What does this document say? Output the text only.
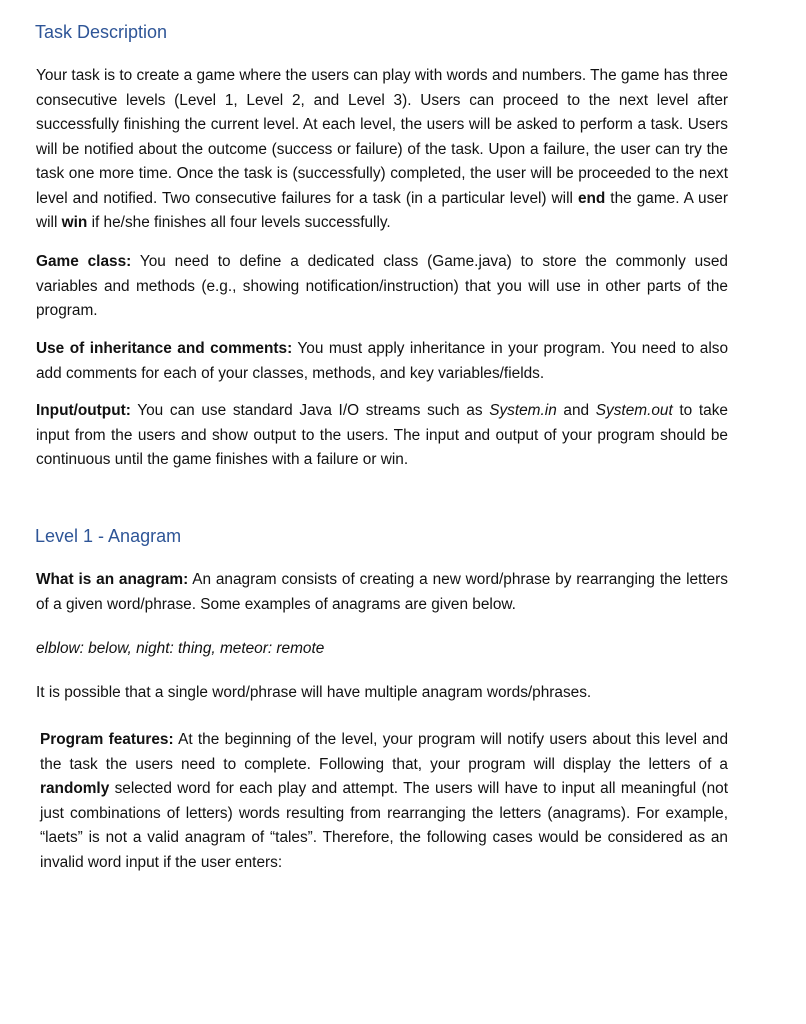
Task Description

Your task is to create a game where the users can play with words and numbers. The game has three consecutive levels (Level 1, Level 2, and Level 3). Users can proceed to the next level after successfully finishing the current level. At each level, the users will be asked to perform a task. Users will be notified about the outcome (success or failure) of the task. Upon a failure, the user can try the task one more time. Once the task is (successfully) completed, the user will be proceeded to the next level and notified. Two consecutive failures for a task (in a particular level) will end the game. A user will win if he/she finishes all four levels successfully.

Game class: You need to define a dedicated class (Game.java) to store the commonly used variables and methods (e.g., showing notification/instruction) that you will use in other parts of the program.

Use of inheritance and comments: You must apply inheritance in your program. You need to also add comments for each of your classes, methods, and key variables/fields.

Input/output: You can use standard Java I/O streams such as System.in and System.out to take input from the users and show output to the users. The input and output of your program should be continuous until the game finishes with a failure or win.

Level 1 - Anagram

What is an anagram: An anagram consists of creating a new word/phrase by rearranging the letters of a given word/phrase. Some examples of anagrams are given below.

elblow: below, night: thing, meteor: remote

It is possible that a single word/phrase will have multiple anagram words/phrases.

Program features: At the beginning of the level, your program will notify users about this level and the task the users need to complete. Following that, your program will display the letters of a randomly selected word for each play and attempt. The users will have to input all meaningful (not just combinations of letters) words resulting from rearranging the letters (anagrams). For example, “laets” is not a valid anagram of “tales”. Therefore, the following cases would be considered as an invalid word input if the user enters:
